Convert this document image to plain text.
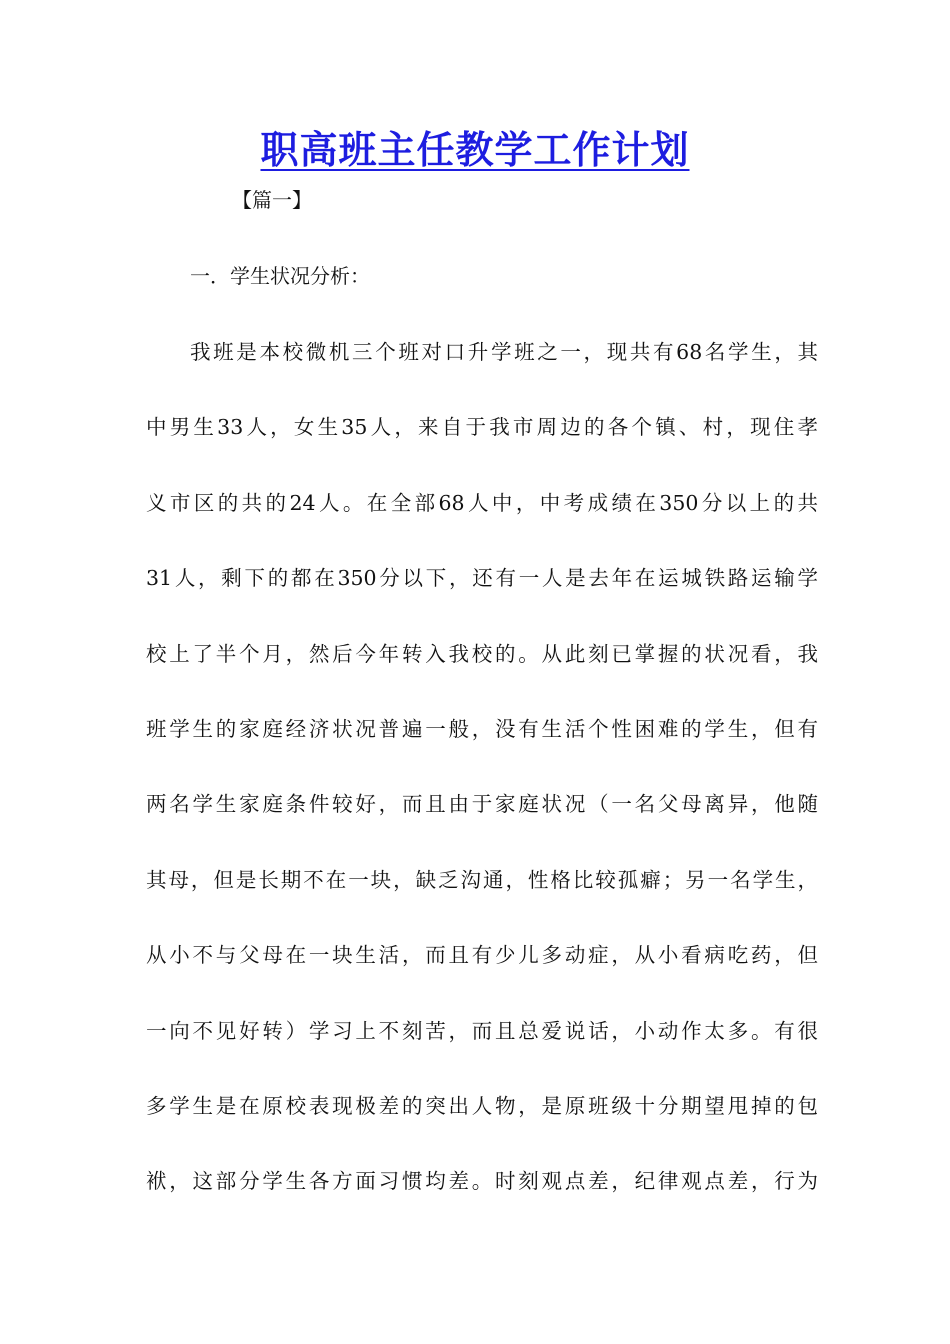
职高班主任教学工作计划

【篇一】

一．学生状况分析：

我班是本校微机三个班对口升学班之一，现共有68名学生，其
中男生33人，女生35人，来自于我市周边的各个镇、村，现住孝
义市区的共的24人。在全部68人中，中考成绩在350分以上的共
31人，剩下的都在350分以下，还有一人是去年在运城铁路运输学
校上了半个月，然后今年转入我校的。从此刻已掌握的状况看，我
班学生的家庭经济状况普遍一般，没有生活个性困难的学生，但有
两名学生家庭条件较好，而且由于家庭状况（一名父母离异，他随
其母，但是长期不在一块，缺乏沟通，性格比较孤癖；另一名学生，
从小不与父母在一块生活，而且有少儿多动症，从小看病吃药，但
一向不见好转）学习上不刻苦，而且总爱说话，小动作太多。有很
多学生是在原校表现极差的突出人物，是原班级十分期望甩掉的包
袱，这部分学生各方面习惯均差。时刻观点差，纪律观点差，行为
